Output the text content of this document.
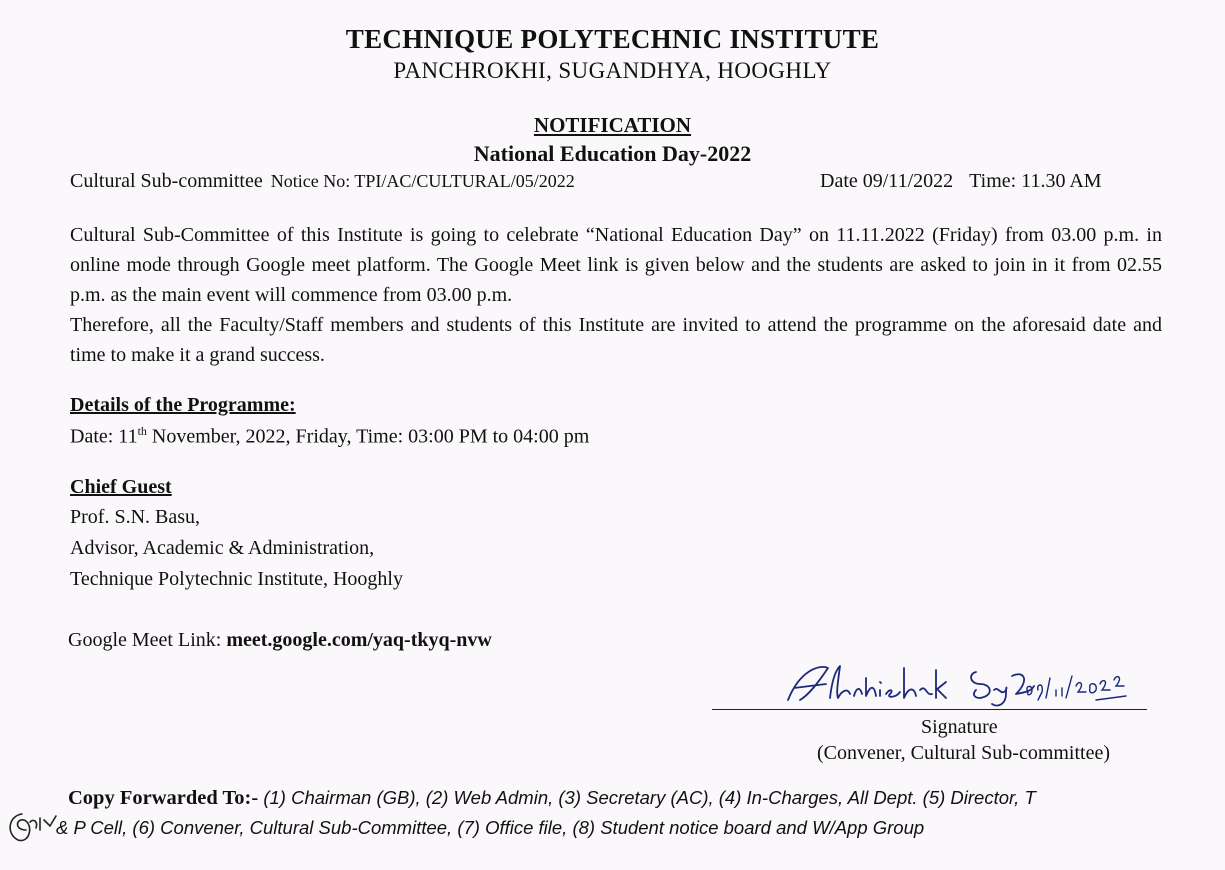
TECHNIQUE POLYTECHNIC INSTITUTE
PANCHROKHI, SUGANDHYA, HOOGHLY
NOTIFICATION
National Education Day-2022
Cultural Sub-committee Notice No: TPI/AC/CULTURAL/05/2022	Date 09/11/2022 Time: 11.30 AM

Cultural Sub-Committee of this Institute is going to celebrate “National Education Day” on 11.11.2022 (Friday) from 03.00 p.m. in online mode through Google meet platform. The Google Meet link is given below and the students are asked to join in it from 02.55 p.m. as the main event will commence from 03.00 p.m.

Therefore, all the Faculty/Staff members and students of this Institute are invited to attend the programme on the aforesaid date and time to make it a grand success.

Details of the Programme:
Date: 11th November, 2022, Friday, Time: 03:00 PM to 04:00 pm
Chief Guest
Prof. S.N. Basu,
Advisor, Academic & Administration,
Technique Polytechnic Institute, Hooghly
Google Meet Link: meet.google.com/yaq-tkyq-nvw
Signature
(Convener, Cultural Sub-committee)
Copy Forwarded To:- (1) Chairman (GB), (2) Web Admin, (3) Secretary (AC), (4) In-Charges, All Dept. (5) Director, T
& P Cell, (6) Convener, Cultural Sub-Committee, (7) Office file, (8) Student notice board and W/App Group
